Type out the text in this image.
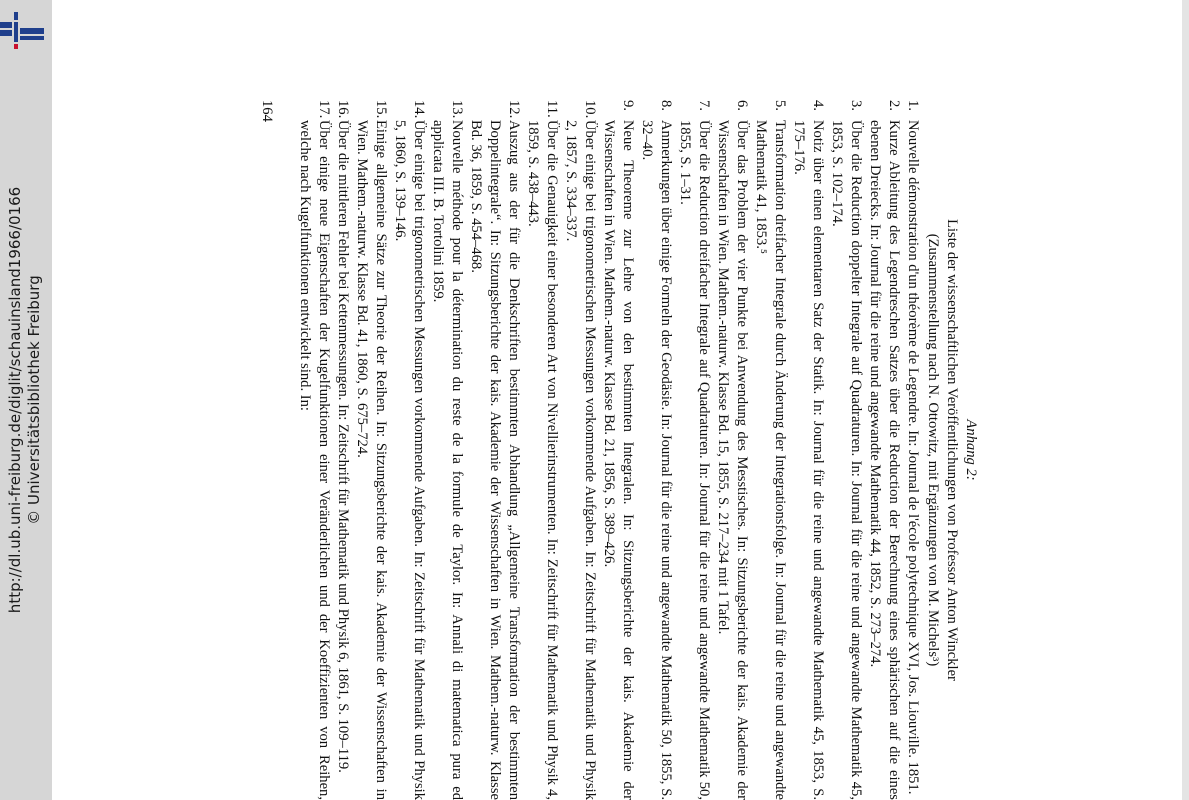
http://dl.ub.uni-freiburg.de/diglit/schauinsland1966/0166 © Universitätsbibliothek Freiburg	Anhang 2:

Liste der wissenschaftlichen Veröffentlichungen von Professor Anton Winckler

(Zusammenstellung nach N. Ottowitz, mit Ergänzungen von M. Michels³)

1.
Nouvelle démonstration d'un théorème de Legendre. In: Journal de l'école polytechnique XVI, Jos. Liouville. 1851.
2.
Kurze Ableitung des Legendreschen Satzes über die Reduction der Berechnung eines sphärischen auf die eines ebenen Dreiecks. In: Journal für die reine und angewandte Mathematik 44, 1852, S. 273–274.
3.
Über die Reduction doppelter Integrale auf Quadraturen. In: Journal für die reine und angewandte Mathematik 45, 1853, S. 102–174.
4.
Notiz über einen elementaren Satz der Statik. In: Journal für die reine und angewandte Mathematik 45, 1853, S. 175–176.
5.
Transformation dreifacher Integrale durch Änderung der Integrationsfolge. In: Journal für die reine und angewandte Mathematik 41, 1853.⁵
6.
Über das Problem der vier Punkte bei Anwendung des Messtisches. In: Sitzungsberichte der kais. Akademie der Wissenschaften in Wien. Mathem.-naturw. Klasse Bd. 15, 1855, S. 217–234 mit 1 Tafel.
7.
Über die Reduction dreifacher Integrale auf Quadraturen. In: Journal für die reine und angewandte Mathematik 50, 1855, S. 1–31.
8.
Anmerkungen über einige Formeln der Geodäsie. In: Journal für die reine und angewandte Mathematik 50, 1855, S. 32–40.
9.
Neue Theoreme zur Lehre von den bestimmten Integralen. In: Sitzungsberichte der kais. Akademie der Wissenschaften in Wien. Mathem.-naturw. Klasse Bd. 21, 1856, S. 389–426.
10.
Über einige bei trigonometrischen Messungen vorkommende Aufgaben. In: Zeitschrift für Mathematik und Physik 2, 1857, S. 334–337.
11.
Über die Genauigkeit einer besonderen Art von Nivellierinstrumenten. In: Zeitschrift für Mathematik und Physik 4, 1859, S. 438–443.
12.
Auszug aus der für die Denkschriften bestimmten Abhandlung „Allgemeine Transformation der bestimmten Doppelintegrale“. In: Sitzungsberichte der kais. Akademie der Wissenschaften in Wien. Mathem.-naturw. Klasse Bd. 36, 1859, S. 454–468.
13.
Nouvelle méthode pour la détermination du reste de la formule de Taylor. In: Annali di matematica pura ed applicata III. B. Tortolini 1859.
14.
Über einige bei trigonometrischen Messungen vorkommende Aufgaben. In: Zeitschrift für Mathematik und Physik 5, 1860, S. 139–146.
15.
Einige allgemeine Sätze zur Theorie der Reihen. In: Sitzungsberichte der kais. Akademie der Wissenschaften in Wien. Mathem.-naturw. Klasse Bd. 41, 1860, S. 675–724.
16.
Über die mittleren Fehler bei Kettenmessungen. In: Zeitschrift für Mathematik und Physik 6, 1861, S. 109–119.
17.
Über einige neue Eigenschaften der Kugelfunktionen einer Veränderlichen und der Koeffizienten von Reihen, welche nach Kugelfunktionen entwickelt sind. In:
164
